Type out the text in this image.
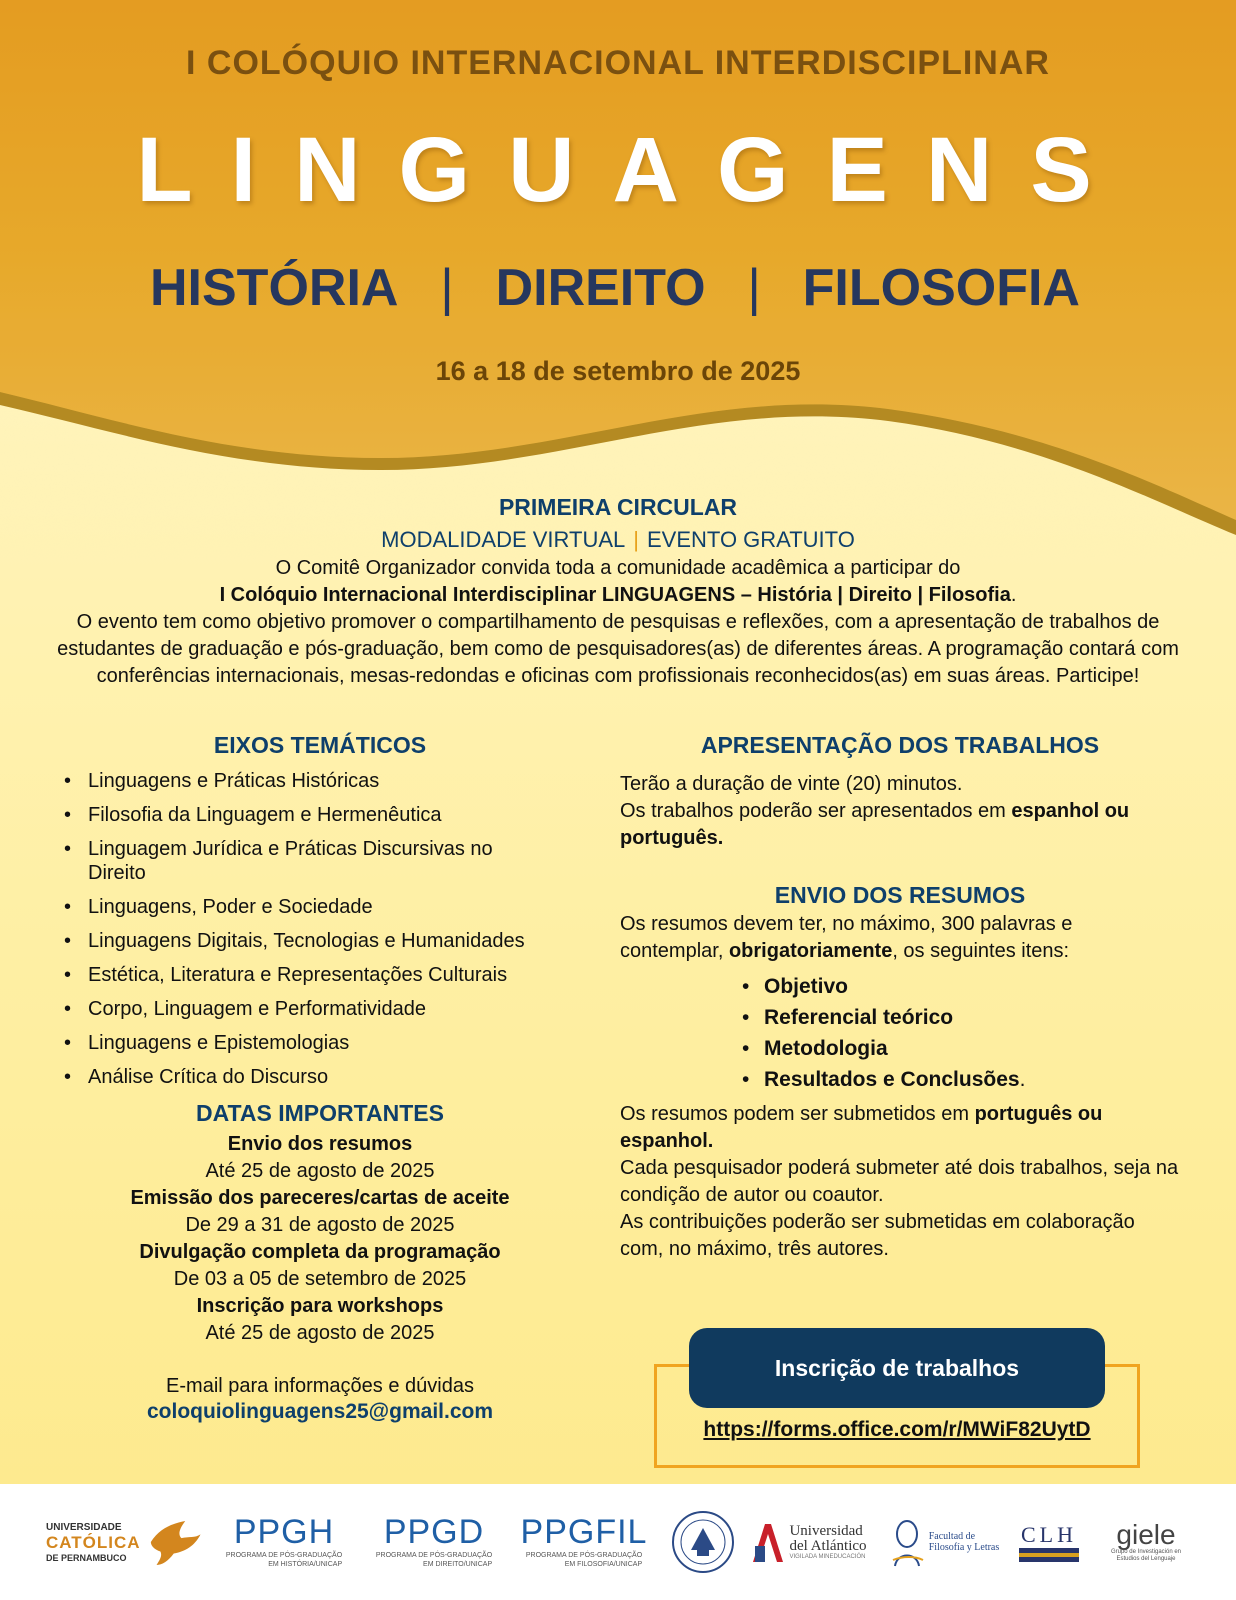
I COLÓQUIO INTERNACIONAL INTERDISCIPLINAR
LINGUAGENS
HISTÓRIA | DIREITO | FILOSOFIA
16 a 18 de setembro de 2025
PRIMEIRA CIRCULAR
MODALIDADE VIRTUAL | EVENTO GRATUITO
O Comitê Organizador convida toda a comunidade acadêmica a participar do
I Colóquio Internacional Interdisciplinar LINGUAGENS – História | Direito | Filosofia.
O evento tem como objetivo promover o compartilhamento de pesquisas e reflexões, com a apresentação de trabalhos de estudantes de graduação e pós-graduação, bem como de pesquisadores(as) de diferentes áreas. A programação contará com conferências internacionais, mesas-redondas e oficinas com profissionais reconhecidos(as) em suas áreas. Participe!
EIXOS TEMÁTICOS
• Linguagens e Práticas Históricas
• Filosofia da Linguagem e Hermenêutica
• Linguagem Jurídica e Práticas Discursivas no Direito
• Linguagens, Poder e Sociedade
• Linguagens Digitais, Tecnologias e Humanidades
• Estética, Literatura e Representações Culturais
• Corpo, Linguagem e Performatividade
• Linguagens e Epistemologias
• Análise Crítica do Discurso
DATAS IMPORTANTES
Envio dos resumos
Até 25 de agosto de 2025
Emissão dos pareceres/cartas de aceite
De 29 a 31 de agosto de 2025
Divulgação completa da programação
De 03 a 05 de setembro de 2025
Inscrição para workshops
Até 25 de agosto de 2025
E-mail para informações e dúvidas
coloquiolinguagens25@gmail.com
APRESENTAÇÃO DOS TRABALHOS
Terão a duração de vinte (20) minutos.
Os trabalhos poderão ser apresentados em espanhol ou português.
ENVIO DOS RESUMOS
Os resumos devem ter, no máximo, 300 palavras e contemplar, obrigatoriamente, os seguintes itens:
• Objetivo
• Referencial teórico
• Metodologia
• Resultados e Conclusões.
Os resumos podem ser submetidos em português ou espanhol.
Cada pesquisador poderá submeter até dois trabalhos, seja na condição de autor ou coautor.
As contribuições poderão ser submetidas em colaboração com, no máximo, três autores.
Inscrição de trabalhos
https://forms.office.com/r/MWiF82UytD
UNIVERSIDADE
CATÓLICA
DE PERNAMBUCO
PPGH
PROGRAMA DE PÓS-GRADUAÇÃO
EM HISTÓRIA/UNICAP
PPGD
PROGRAMA DE PÓS-GRADUAÇÃO
EM DIREITO/UNICAP
PPGFIL
PROGRAMA DE PÓS-GRADUAÇÃO
EM FILOSOFIA/UNICAP
Universidad
del Atlántico
VIGILADA MINEDUCACIÓN
Facultad de
Filosofía y Letras
CLH giele
Grupo de Investigación en
Estudios del Lenguaje
